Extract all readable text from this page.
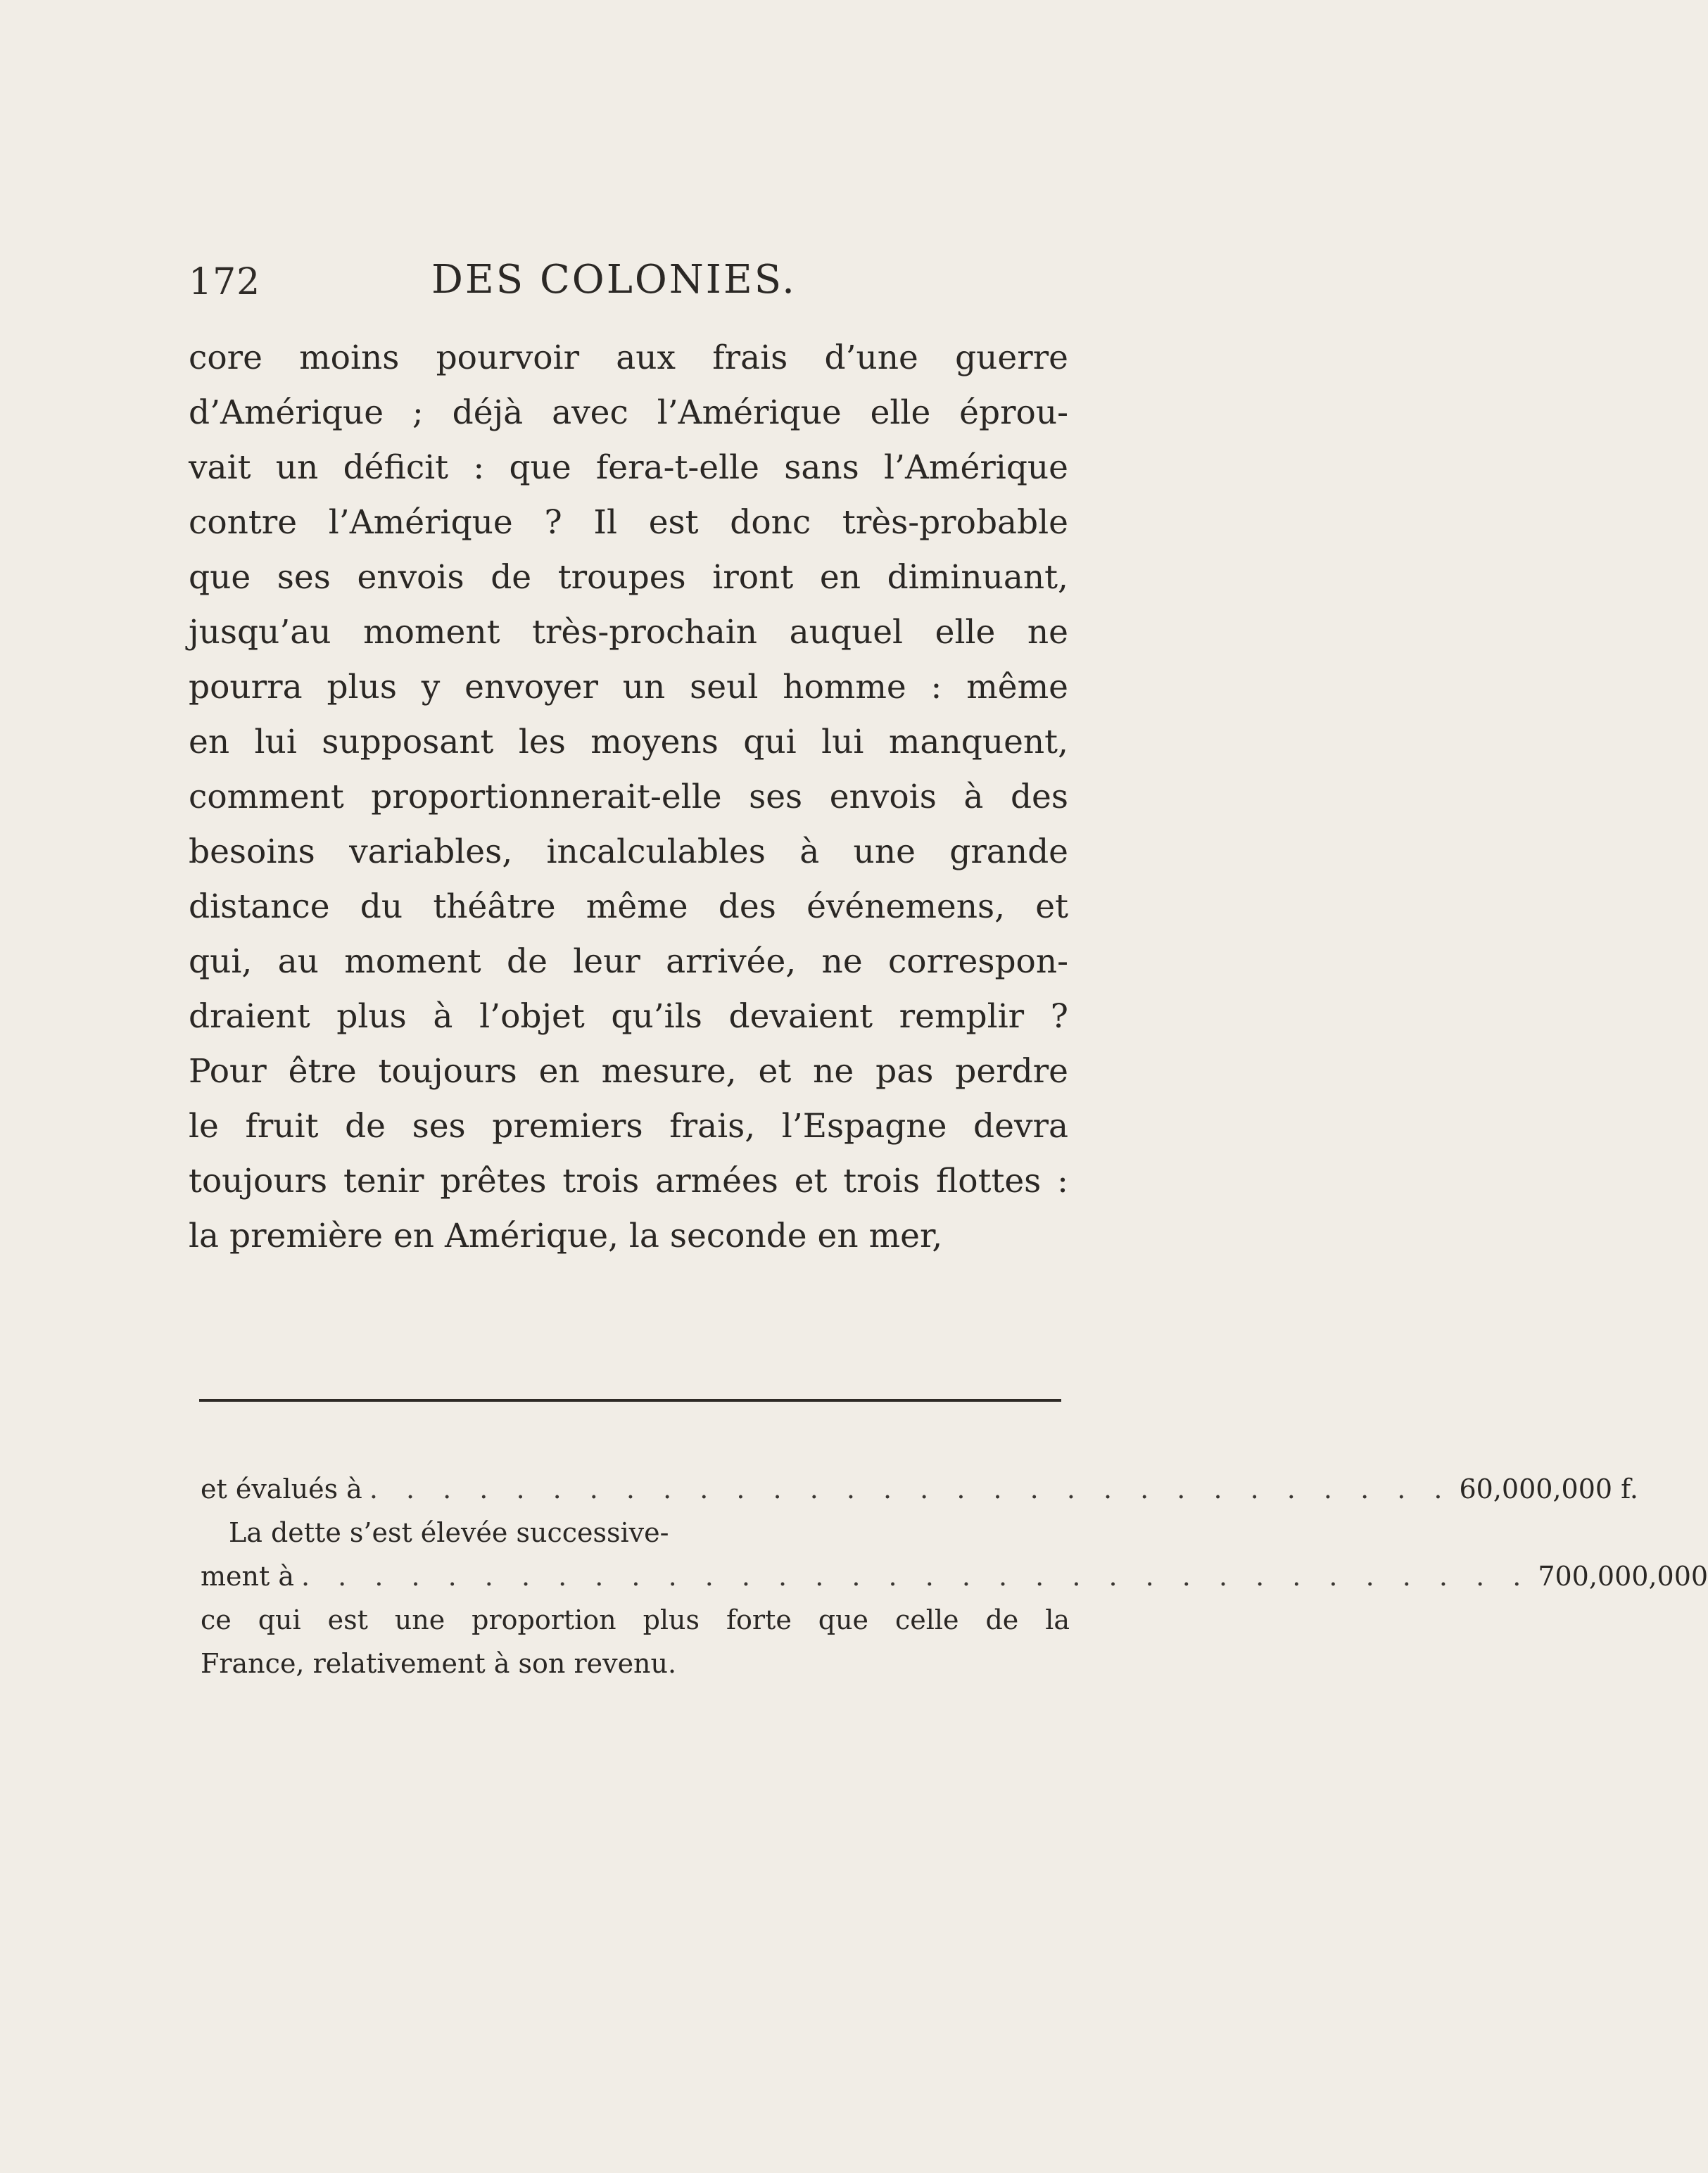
172	DES COLONIES.
core moins pourvoir aux frais d’une guerre
d’Amérique ; déjà avec l’Amérique elle éprou-
vait un déficit : que fera-t-elle sans l’Amérique
contre l’Amérique ? Il est donc très-probable
que ses envois de troupes iront en diminuant,
jusqu’au moment très-prochain auquel elle ne
pourra plus y envoyer un seul homme : même
en lui supposant les moyens qui lui manquent,
comment proportionnerait-elle ses envois à des
besoins variables, incalculables à une grande
distance du théâtre même des événemens, et
qui, au moment de leur arrivée, ne correspon-
draient plus à l’objet qu’ils devaient remplir ?
Pour être toujours en mesure, et ne pas perdre
le fruit de ses premiers frais, l’Espagne devra
toujours tenir prêtes trois armées et trois flottes :
la première en Amérique, la seconde en mer,
et évalués à . . . . . . . . . . . . . . . . . . . . . . . . . . . . . . 60,000,000 f.
La dette s’est élevée successive-
ment à . . . . . . . . . . . . . . . . . . . . . . . . . . . . . . . . . . 700,000,000
ce qui est une proportion plus forte que celle de la
France, relativement à son revenu.
